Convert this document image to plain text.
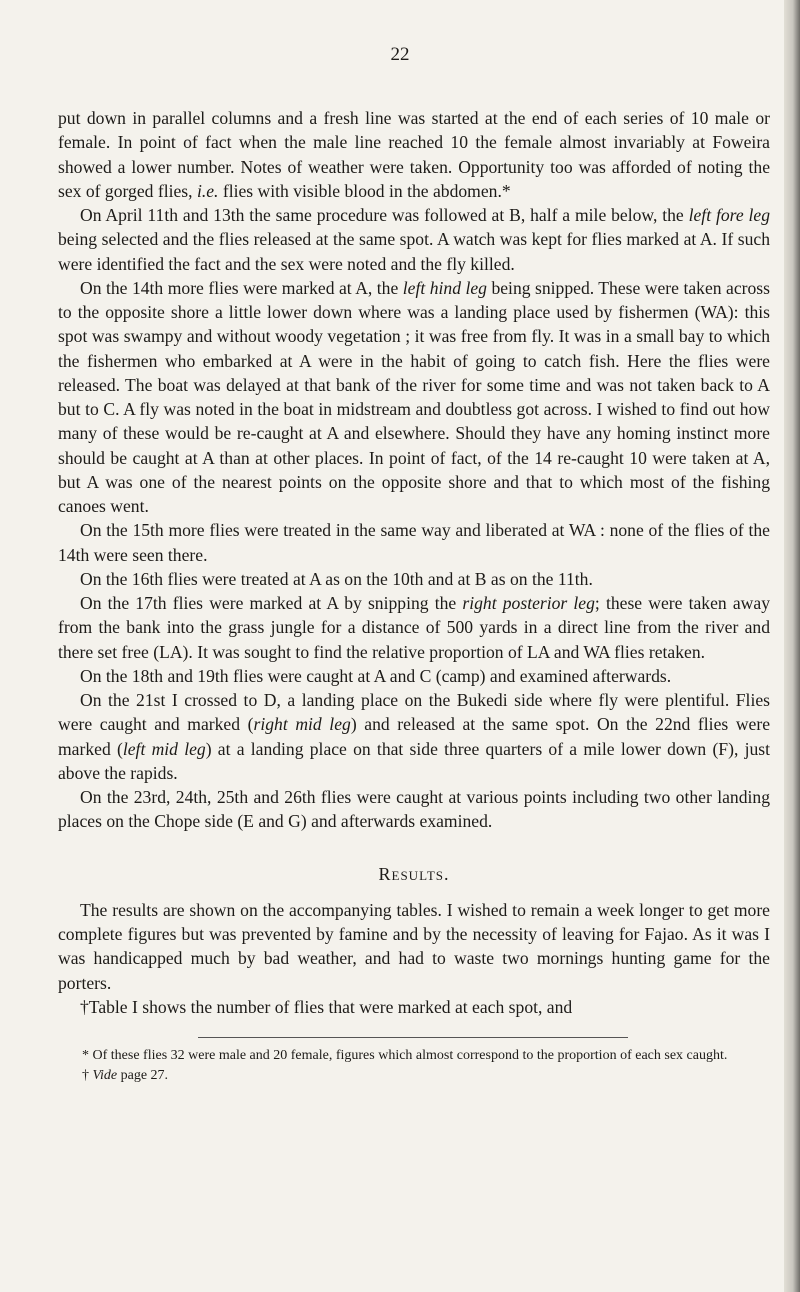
22

put down in parallel columns and a fresh line was started at the end of each series of 10 male or female. In point of fact when the male line reached 10 the female almost invariably at Foweira showed a lower number. Notes of weather were taken. Opportunity too was afforded of noting the sex of gorged flies, i.e. flies with visible blood in the abdomen.*

On April 11th and 13th the same procedure was followed at B, half a mile below, the left fore leg being selected and the flies released at the same spot. A watch was kept for flies marked at A. If such were identified the fact and the sex were noted and the fly killed.

On the 14th more flies were marked at A, the left hind leg being snipped. These were taken across to the opposite shore a little lower down where was a landing place used by fishermen (WA): this spot was swampy and without woody vegetation ; it was free from fly. It was in a small bay to which the fishermen who embarked at A were in the habit of going to catch fish. Here the flies were released. The boat was delayed at that bank of the river for some time and was not taken back to A but to C. A fly was noted in the boat in midstream and doubtless got across. I wished to find out how many of these would be re-caught at A and elsewhere. Should they have any homing instinct more should be caught at A than at other places. In point of fact, of the 14 re-caught 10 were taken at A, but A was one of the nearest points on the opposite shore and that to which most of the fishing canoes went.

On the 15th more flies were treated in the same way and liberated at WA : none of the flies of the 14th were seen there.

On the 16th flies were treated at A as on the 10th and at B as on the 11th.

On the 17th flies were marked at A by snipping the right posterior leg; these were taken away from the bank into the grass jungle for a distance of 500 yards in a direct line from the river and there set free (LA). It was sought to find the relative proportion of LA and WA flies retaken.

On the 18th and 19th flies were caught at A and C (camp) and examined afterwards.

On the 21st I crossed to D, a landing place on the Bukedi side where fly were plentiful. Flies were caught and marked (right mid leg) and released at the same spot. On the 22nd flies were marked (left mid leg) at a landing place on that side three quarters of a mile lower down (F), just above the rapids.

On the 23rd, 24th, 25th and 26th flies were caught at various points including two other landing places on the Chope side (E and G) and afterwards examined.

Results.

The results are shown on the accompanying tables. I wished to remain a week longer to get more complete figures but was prevented by famine and by the necessity of leaving for Fajao. As it was I was handicapped much by bad weather, and had to waste two mornings hunting game for the porters.

†Table I shows the number of flies that were marked at each spot, and

* Of these flies 32 were male and 20 female, figures which almost correspond to the proportion of each sex caught.

† Vide page 27.
